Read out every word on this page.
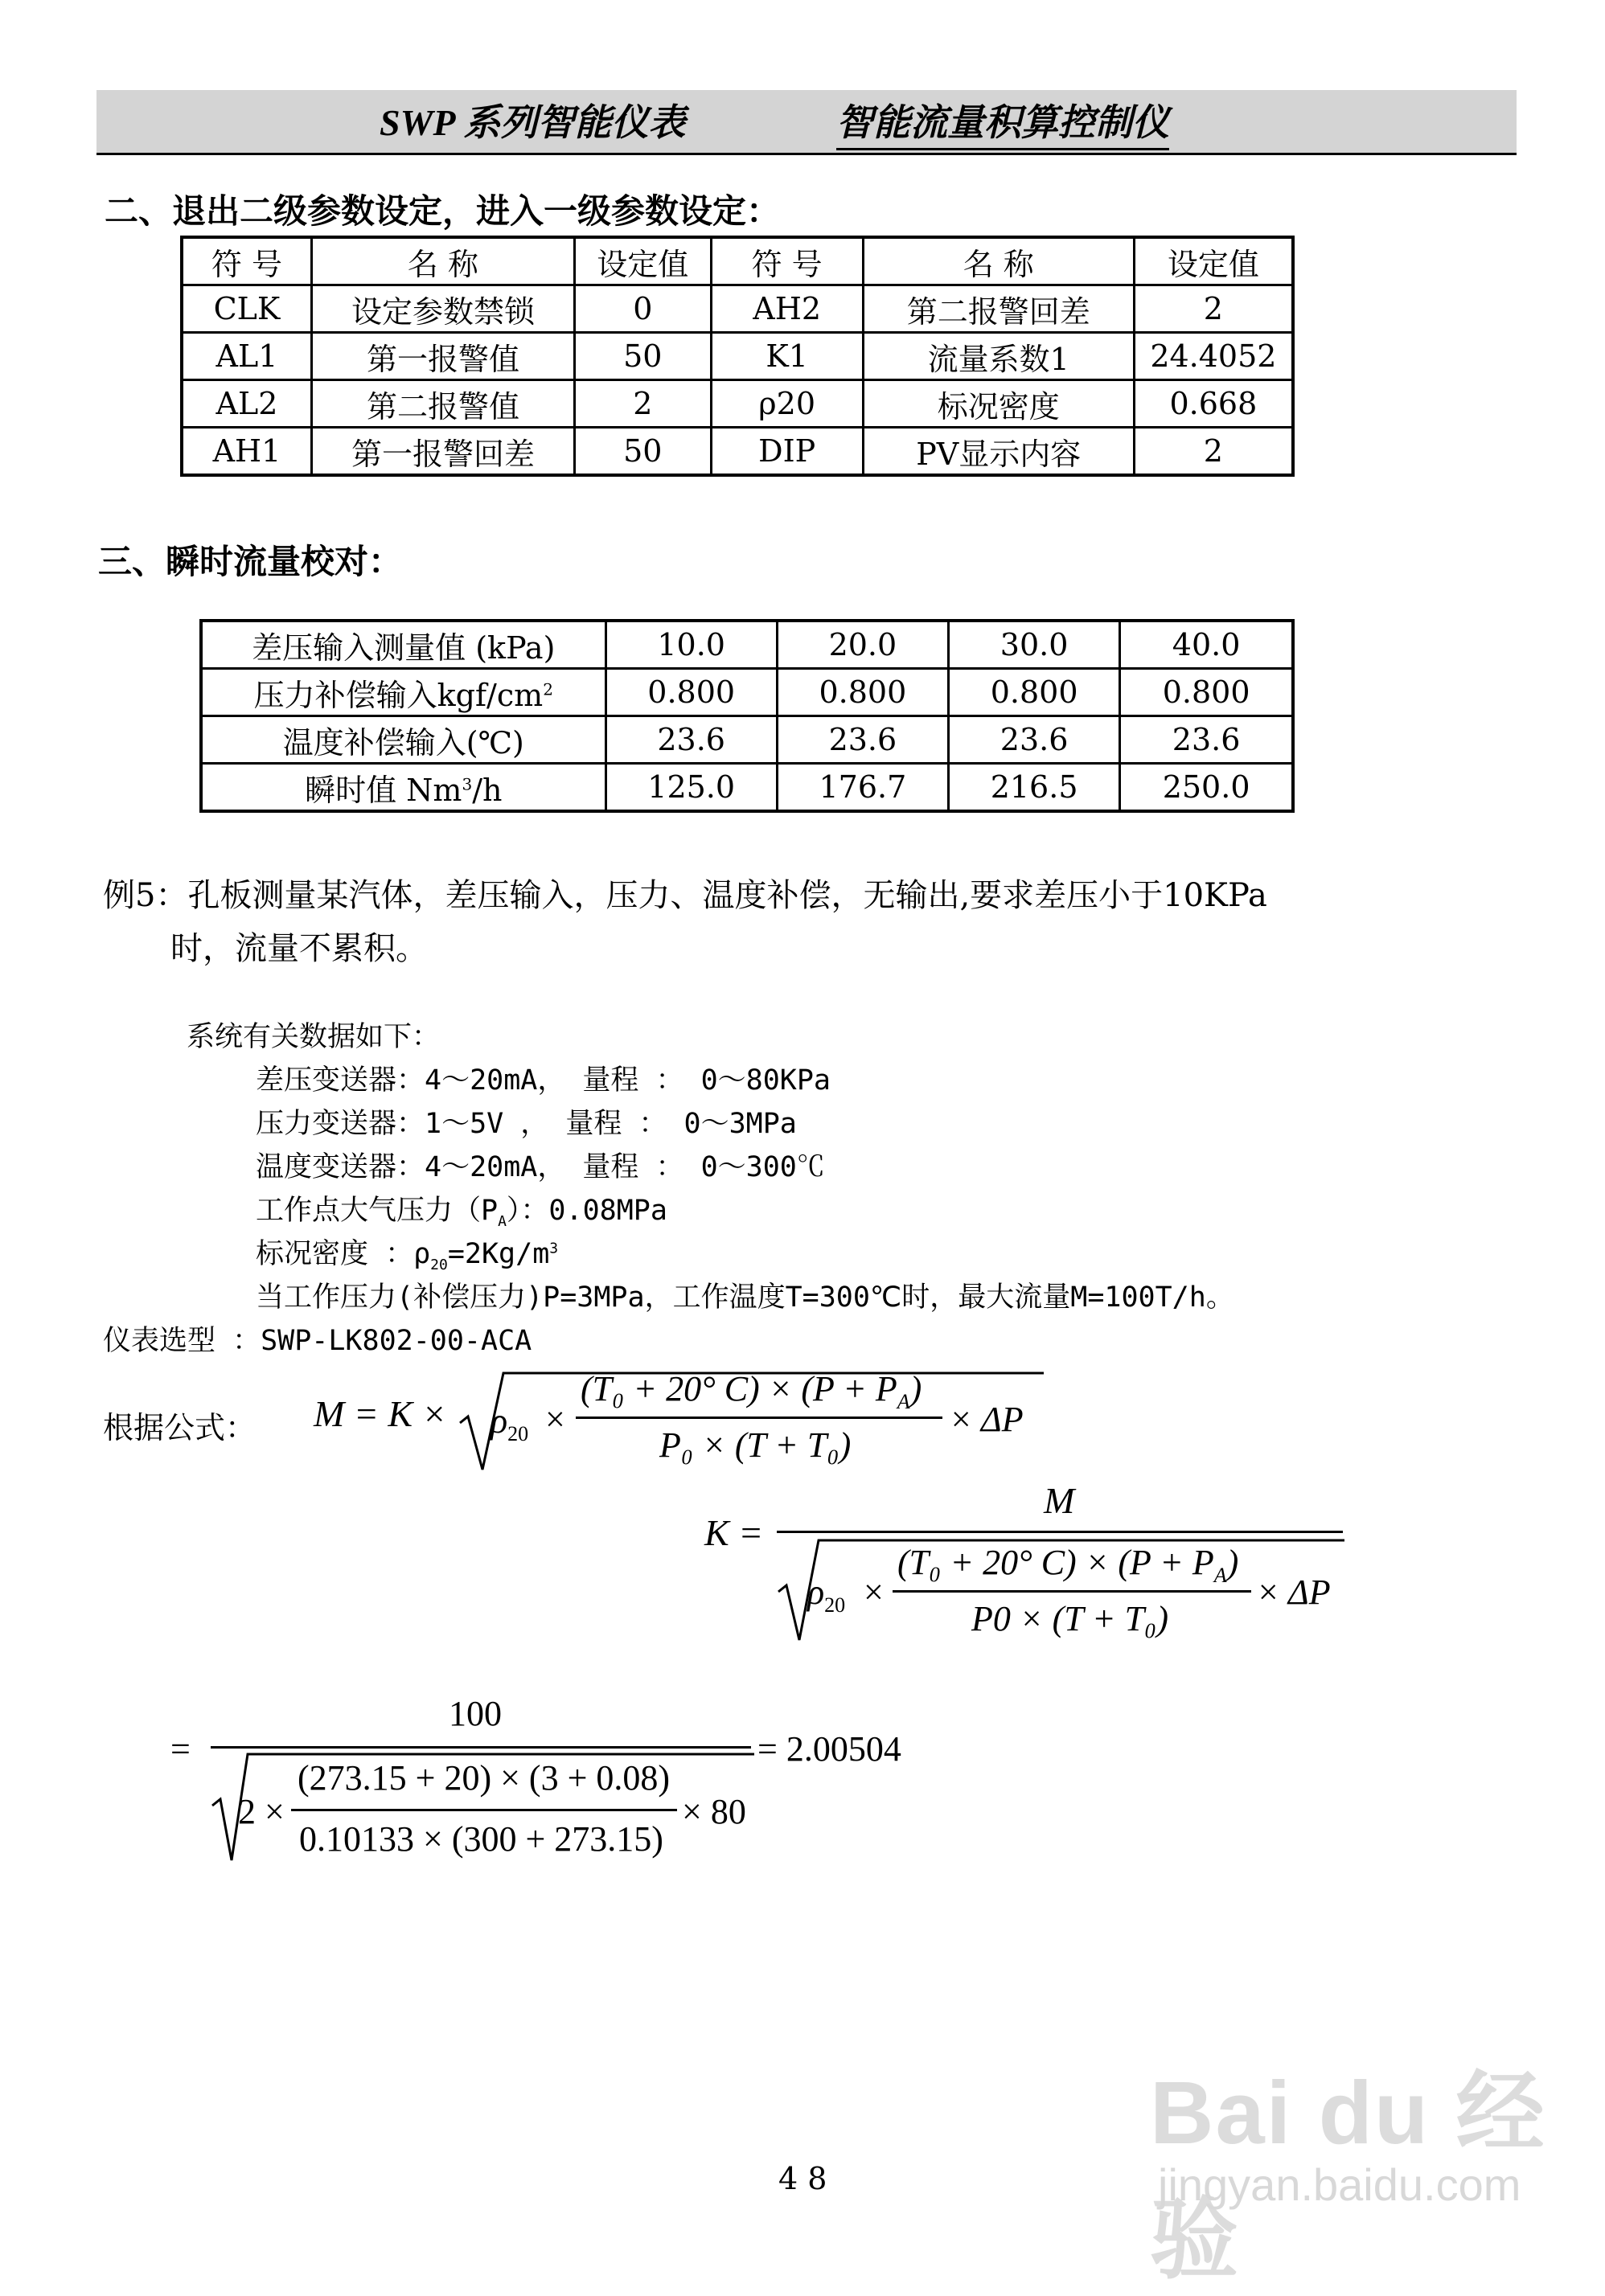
SWP 系列智能仪表	智能流量积算控制仪
二、退出二级参数设定，进入一级参数设定：
符 号	名 称	设定值	符 号	名 称	设定值
CLK	设定参数禁锁	0	AH2	第二报警回差	2
AL1	第一报警值	50	K1	流量系数1	24.4052
AL2	第二报警值	2	ρ20	标况密度	0.668
AH1	第一报警回差	50	DIP	PV显示内容	2
三、瞬时流量校对：
差压输入测量值 (kPa)	10.0	20.0	30.0	40.0
压力补偿输入kgf/$cm^2$	0.800	0.800	0.800	0.800
温度补偿输入(℃)	23.6	23.6	23.6	23.6
瞬时值 Nm$^3$/h	125.0	176.7	216.5	250.0
例5：孔板测量某汽体，差压输入，压力、温度补偿，无输出,要求差压小于10KPa
时，流量不累积。
系统有关数据如下：
差压变送器：4～20mA， 量程 ： 0～80KPa
压力变送器：1～5V ， 量程 ： 0～3MPa
温度变送器：4～20mA， 量程 ： 0～300℃
工作点大气压力$(P_A)$：0.08MPa
标况密度 ：$\rho_{20}=2Kg/m^3$
当工作压力(补偿压力)P=3MPa，工作温度T=300℃时，最大流量M=100T/h。
仪表选型 ：SWP-LK802-00-ACA
根据公式： $M = K \times \rho_{20}$ ×
(T₀ + 20° $C) \times (P + P_A)$
P₀ × (T + T₀)
× ΔP
K =
M
$\rho_{20}$ ×
(T₀ + 20° $C) \times (P + P_A)$
P0 × (T + T₀)
× ΔP
=
100
2 ×
(273.15 + 20) × (3 + 0.08)
0.10133 × (300 + 273.15)
× 80
= 2.00504
4 8
Bai du 经验
jingyan.baidu.com
